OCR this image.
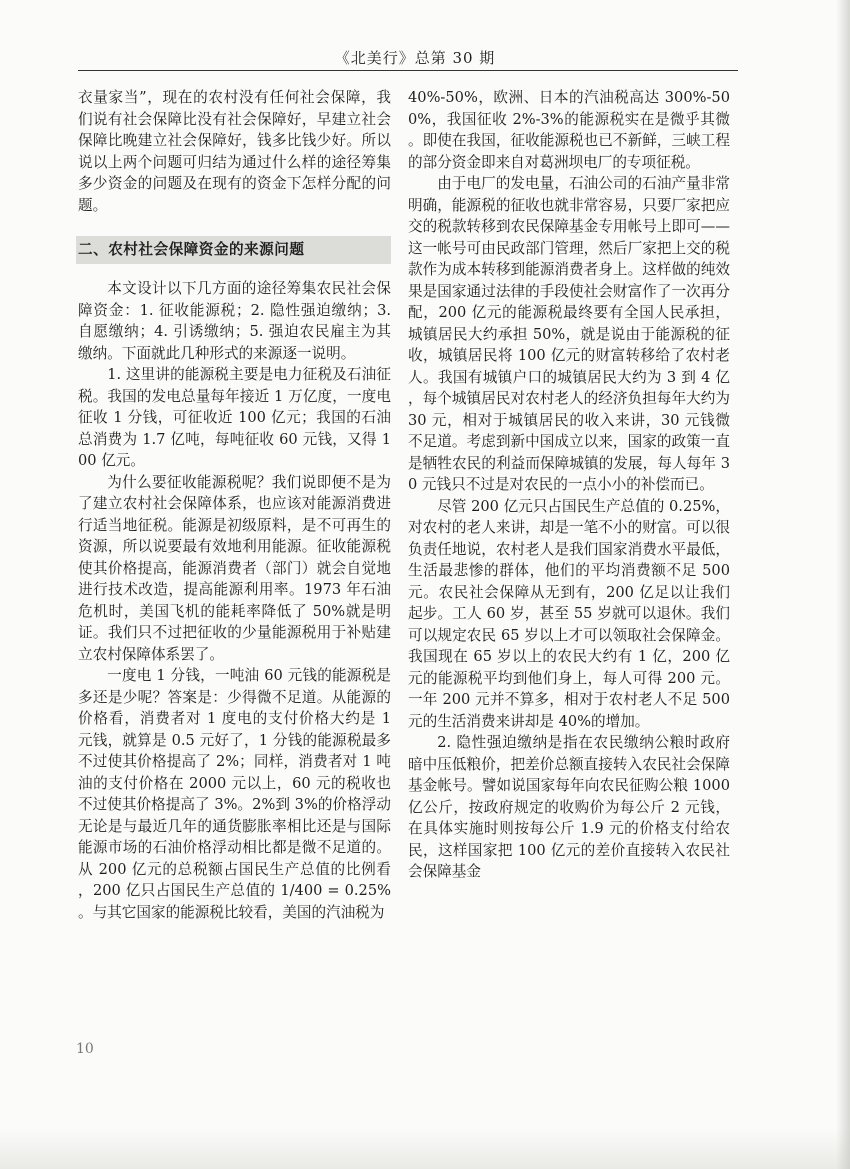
《北美行》总第 30 期

衣量家当”，现在的农村没有任何社会保障，我们说有社会保障比没有社会保障好，早建立社会保障比晚建立社会保障好，钱多比钱少好。所以说以上两个问题可归结为通过什么样的途径筹集多少资金的问题及在现有的资金下怎样分配的问题。

二、农村社会保障资金的来源问题

本文设计以下几方面的途径筹集农民社会保障资金：1. 征收能源税；2. 隐性强迫缴纳；3. 自愿缴纳；4. 引诱缴纳；5. 强迫农民雇主为其缴纳。下面就此几种形式的来源逐一说明。

1. 这里讲的能源税主要是电力征税及石油征税。我国的发电总量每年接近 1 万亿度，一度电征收 1 分钱，可征收近 100 亿元；我国的石油总消费为 1.7 亿吨，每吨征收 60 元钱，又得 100 亿元。

为什么要征收能源税呢？我们说即便不是为了建立农村社会保障体系，也应该对能源消费进行适当地征税。能源是初级原料，是不可再生的资源，所以说要最有效地利用能源。征收能源税使其价格提高，能源消费者（部门）就会自觉地进行技术改造，提高能源利用率。1973 年石油危机时，美国飞机的能耗率降低了 50%就是明证。我们只不过把征收的少量能源税用于补贴建立农村保障体系罢了。

一度电 1 分钱，一吨油 60 元钱的能源税是多还是少呢？答案是：少得微不足道。从能源的价格看，消费者对 1 度电的支付价格大约是 1 元钱，就算是 0.5 元好了，1 分钱的能源税最多不过使其价格提高了 2%；同样，消费者对 1 吨油的支付价格在 2000 元以上，60 元的税收也不过使其价格提高了 3%。2%到 3%的价格浮动无论是与最近几年的通货膨胀率相比还是与国际能源市场的石油价格浮动相比都是微不足道的。从 200 亿元的总税额占国民生产总值的比例看，200 亿只占国民生产总值的 1/400 = 0.25%。与其它国家的能源税比较看，美国的汽油税为

40%-50%，欧洲、日本的汽油税高达 300%-500%，我国征收 2%-3%的能源税实在是微乎其微。即使在我国，征收能源税也已不新鲜，三峡工程的部分资金即来自对葛洲坝电厂的专项征税。

由于电厂的发电量，石油公司的石油产量非常明确，能源税的征收也就非常容易，只要厂家把应交的税款转移到农民保障基金专用帐号上即可——这一帐号可由民政部门管理，然后厂家把上交的税款作为成本转移到能源消费者身上。这样做的纯效果是国家通过法律的手段使社会财富作了一次再分配，200 亿元的能源税最终要有全国人民承担，城镇居民大约承担 50%，就是说由于能源税的征收，城镇居民将 100 亿元的财富转移给了农村老人。我国有城镇户口的城镇居民大约为 3 到 4 亿，每个城镇居民对农村老人的经济负担每年大约为 30 元，相对于城镇居民的收入来讲，30 元钱微不足道。考虑到新中国成立以来，国家的政策一直是牺牲农民的利益而保障城镇的发展，每人每年 30 元钱只不过是对农民的一点小小的补偿而已。

尽管 200 亿元只占国民生产总值的 0.25%，对农村的老人来讲，却是一笔不小的财富。可以很负责任地说，农村老人是我们国家消费水平最低，生活最悲惨的群体，他们的平均消费额不足 500 元。农民社会保障从无到有，200 亿足以让我们起步。工人 60 岁，甚至 55 岁就可以退休。我们可以规定农民 65 岁以上才可以领取社会保障金。我国现在 65 岁以上的农民大约有 1 亿，200 亿元的能源税平均到他们身上，每人可得 200 元。一年 200 元并不算多，相对于农村老人不足 500 元的生活消费来讲却是 40%的增加。

2. 隐性强迫缴纳是指在农民缴纳公粮时政府暗中压低粮价，把差价总额直接转入农民社会保障基金帐号。譬如说国家每年向农民征购公粮 1000 亿公斤，按政府规定的收购价为每公斤 2 元钱，在具体实施时则按每公斤 1.9 元的价格支付给农民，这样国家把 100 亿元的差价直接转入农民社会保障基金

10
